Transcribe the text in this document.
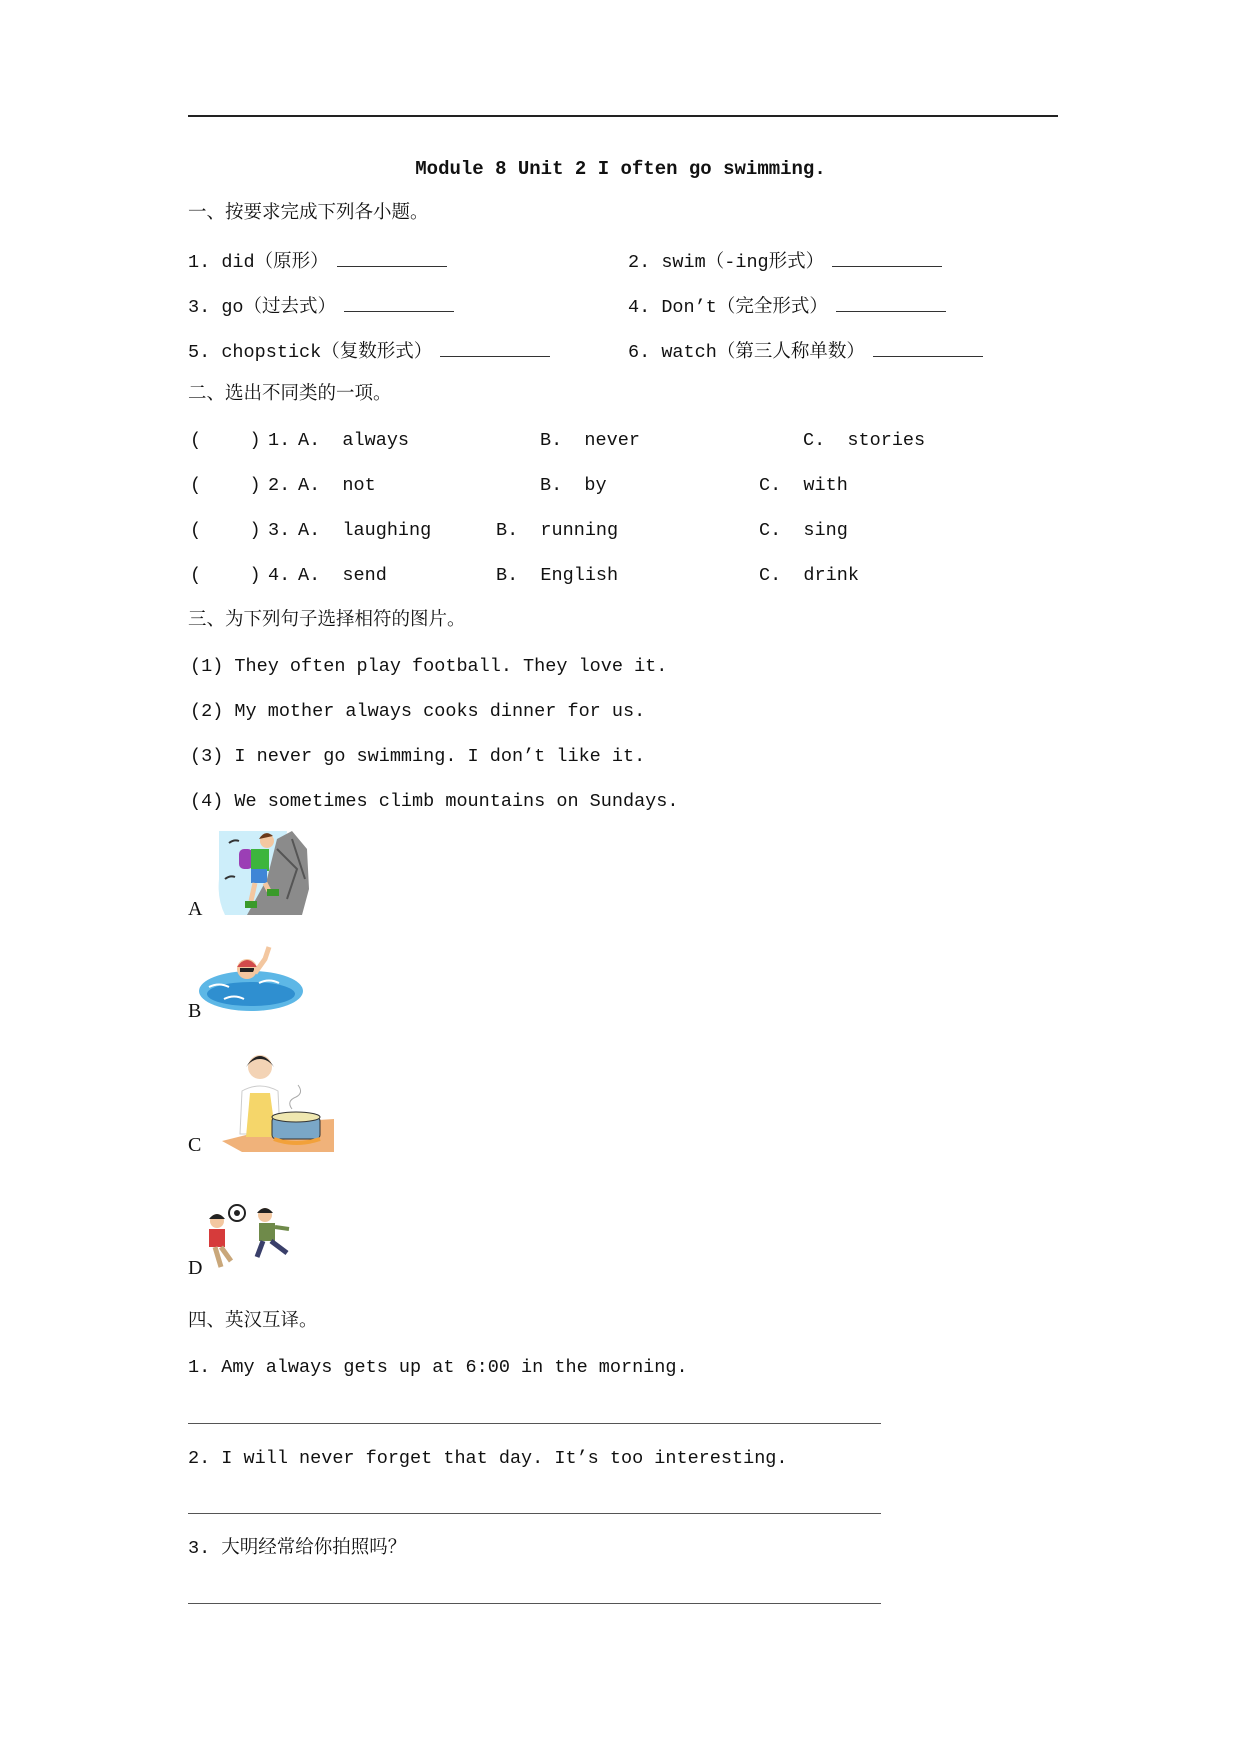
Module 8 Unit 2 I often go swimming.
一、按要求完成下列各小题。
1. did（原形）	2. swim（-ing形式）
3. go（过去式）	4. Don’t（完全形式）
5. chopstick（复数形式）	6. watch（第三人称单数）
二、选出不同类的一项。
(      ) 1. A.  always	B.  never	C.  stories
(      ) 2. A.  not	B.  by	C.  with
(      ) 3. A.  laughing	B.  running	C.  sing
(      ) 4. A.  send	B.  English	C.  drink
三、为下列句子选择相符的图片。
(1) They often play football. They love it.
(2) My mother always cooks dinner for us.
(3) I never go swimming. I don’t like it.
(4) We sometimes climb mountains on Sundays.
A
B
C
D
四、英汉互译。
1. Amy always gets up at 6:00 in the morning.
2. I will never forget that day. It’s too interesting.
3. 大明经常给你拍照吗？
